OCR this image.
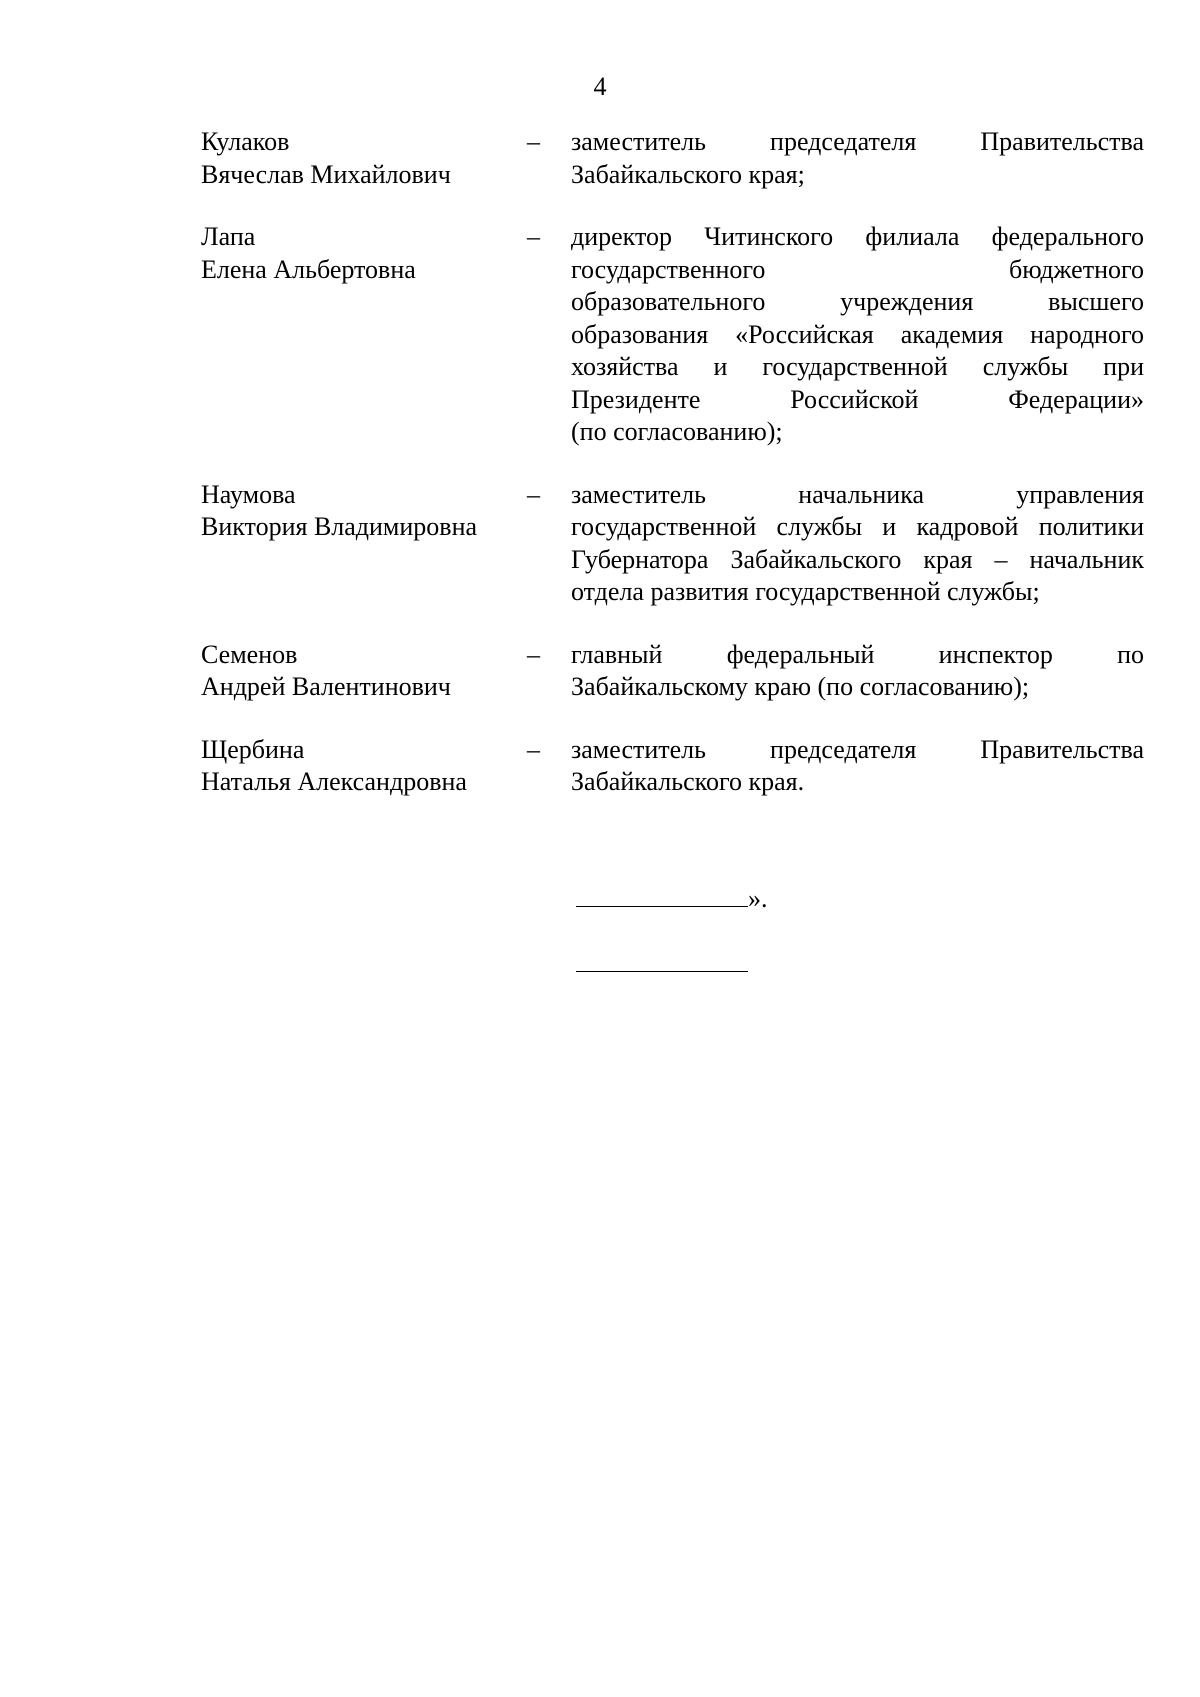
4
Кулаков
Вячеслав Михайлович
– заместитель председателя Правительства
Забайкальского края;
Лапа
Елена Альбертовна
– директор Читинского филиала федерального
государственного бюджетного
образовательного учреждения высшего
образования «Российская академия народного
хозяйства и государственной службы при
Президенте Российской Федерации»
(по согласованию);
Наумова
Виктория Владимировна
– заместитель начальника управления
государственной службы и кадровой политики
Губернатора Забайкальского края – начальник
отдела развития государственной службы;
Семенов
Андрей Валентинович
– главный федеральный инспектор по
Забайкальскому краю (по согласованию);
Щербина
Наталья Александровна
– заместитель председателя Правительства
Забайкальского края.
».
